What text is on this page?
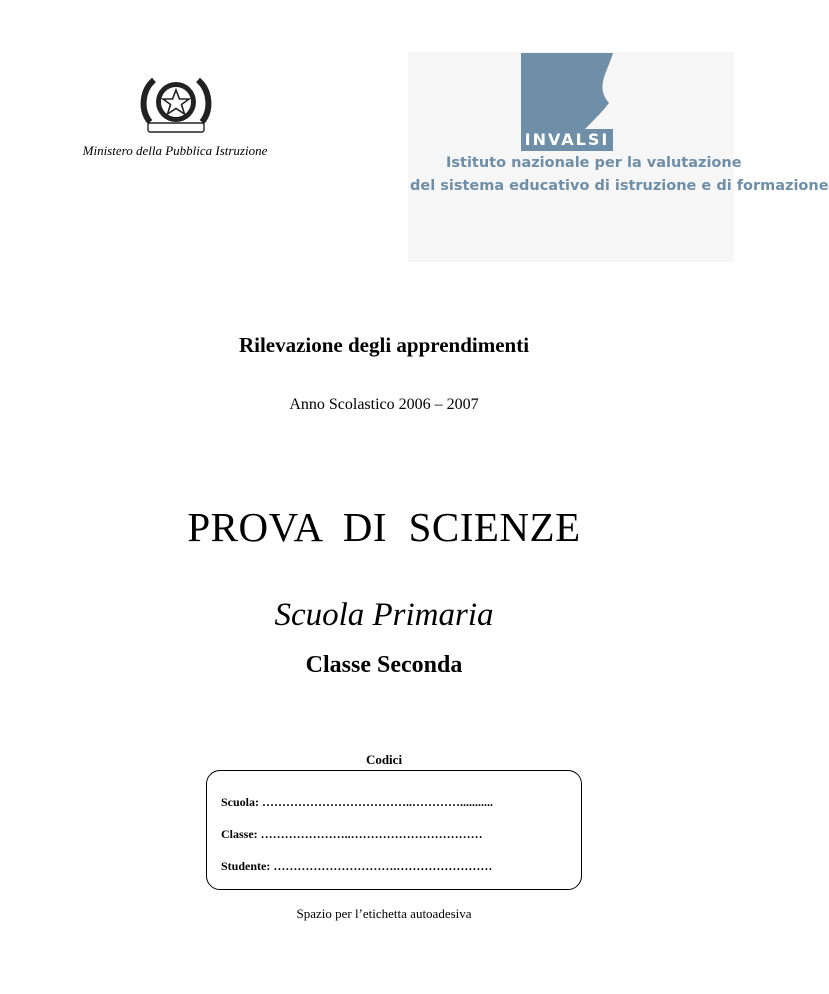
Ministero della Pubblica Istruzione
INVALSI
Istituto nazionale per la valutazione
del sistema educativo di istruzione e di formazione
Rilevazione degli apprendimenti
Anno Scolastico 2006 – 2007
PROVA  DI  SCIENZE
Scuola Primaria
Classe Seconda
Codici
Scuola: ………………………………..…………...........
Classe: …………………..……………………………
Studente: ………………………….……………………
Spazio per l’etichetta autoadesiva
